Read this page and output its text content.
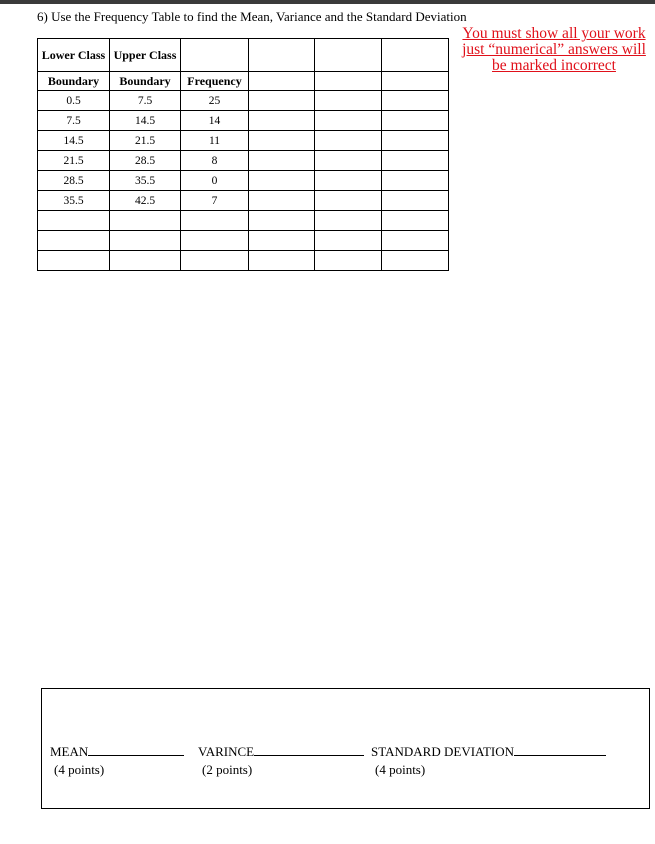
6) Use the Frequency Table to find the Mean, Variance and the Standard Deviation
You must show all your work just “numerical” answers will be marked incorrect
Lower Class	Upper Class				
Boundary	Boundary	Frequency			
0.5	7.5	25			
7.5	14.5	14			
14.5	21.5	11			
21.5	28.5	8			
28.5	35.5	0			
35.5	42.5	7			

MEAN
(4 points)
VARINCE
(2 points)
STANDARD DEVIATION
(4 points)
